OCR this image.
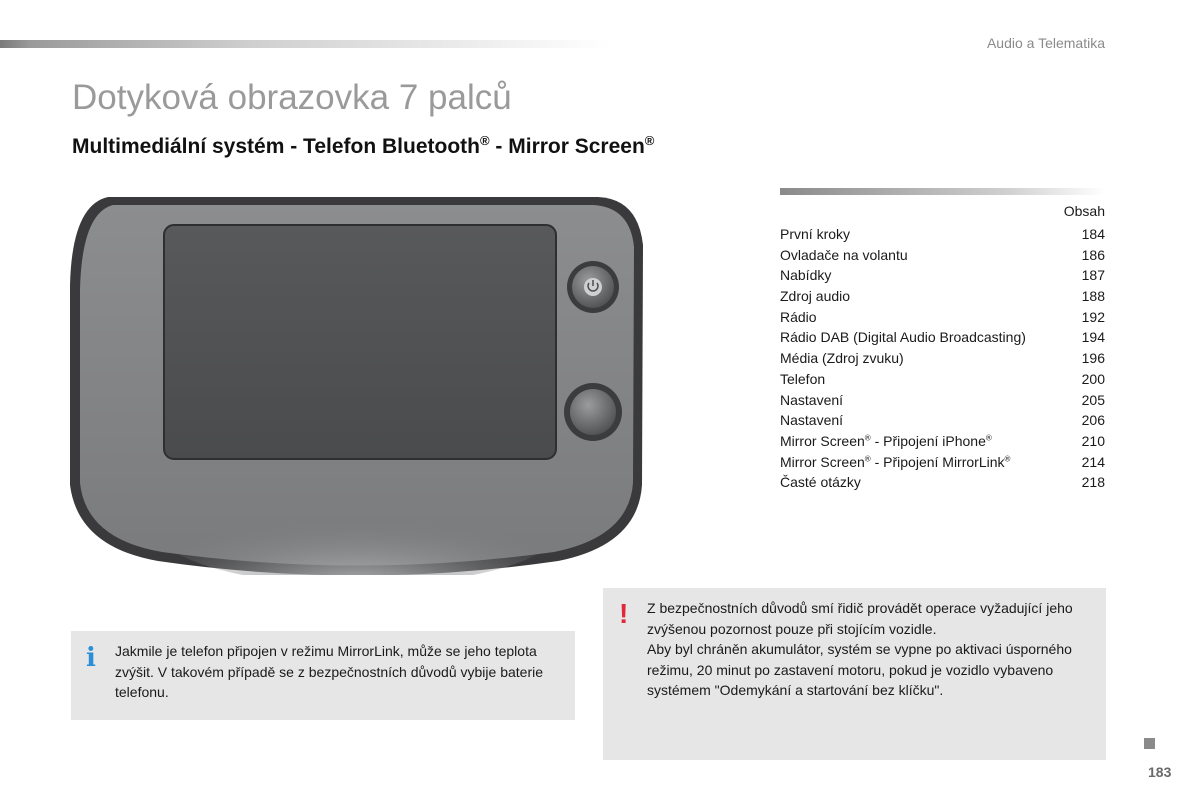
Audio a Telematika
Dotyková obrazovka 7 palců
Multimediální systém - Telefon Bluetooth® - Mirror Screen®
Obsah
První kroky	184
Ovladače na volantu	186
Nabídky	187
Zdroj audio	188
Rádio	192
Rádio DAB (Digital Audio Broadcasting)	194
Média (Zdroj zvuku)	196
Telefon	200
Nastavení	205
Nastavení	206
Mirror Screen® - Připojení iPhone®	210
Mirror Screen® - Připojení MirrorLink®	214
Časté otázky	218
i Jakmile je telefon připojen v režimu MirrorLink, může se jeho teplota zvýšit. V takovém případě se z bezpečnostních důvodů vybije baterie telefonu.

! Z bezpečnostních důvodů smí řidič provádět operace vyžadující jeho zvýšenou pozornost pouze při stojícím vozidle.

Aby byl chráněn akumulátor, systém se vypne po aktivaci úsporného režimu, 20 minut po zastavení motoru, pokud je vozidlo vybaveno systémem "Odemykání a startování bez klíčku".

183
